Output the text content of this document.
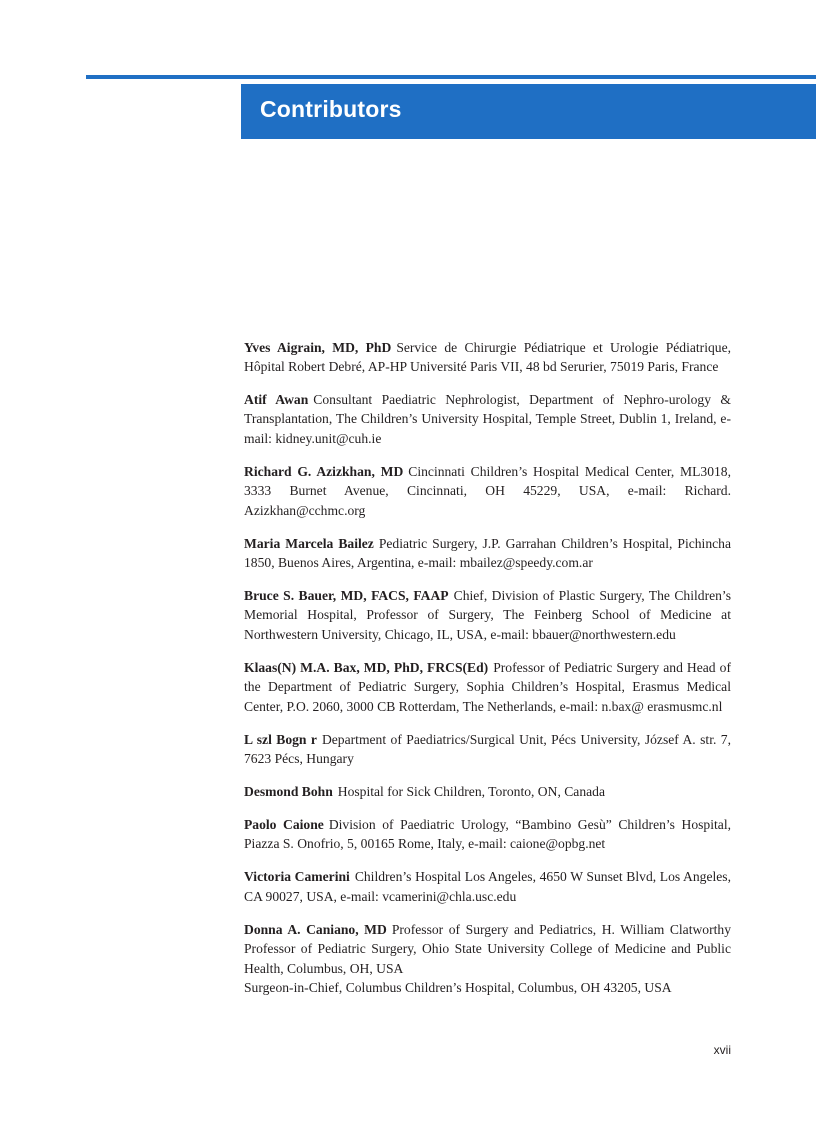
Contributors

Yves Aigrain, MD, PhD Service de Chirurgie Pédiatrique et Urologie Pédiatrique, Hôpital Robert Debré, AP-HP Université Paris VII, 48 bd Serurier, 75019 Paris, France

Atif Awan Consultant Paediatric Nephrologist, Department of Nephro-urology & Transplantation, The Children’s University Hospital, Temple Street, Dublin 1, Ireland, e-mail: kidney.unit@cuh.ie

Richard G. Azizkhan, MD Cincinnati Children’s Hospital Medical Center, ML3018, 3333 Burnet Avenue, Cincinnati, OH 45229, USA, e-mail: Richard. Azizkhan@cchmc.org

Maria Marcela Bailez Pediatric Surgery, J.P. Garrahan Children’s Hospital, Pichincha 1850, Buenos Aires, Argentina, e-mail: mbailez@speedy.com.ar

Bruce S. Bauer, MD, FACS, FAAP Chief, Division of Plastic Surgery, The Children’s Memorial Hospital, Professor of Surgery, The Feinberg School of Medicine at Northwestern University, Chicago, IL, USA, e-mail: bbauer@northwestern.edu

Klaas(N) M.A. Bax, MD, PhD, FRCS(Ed) Professor of Pediatric Surgery and Head of the Department of Pediatric Surgery, Sophia Children’s Hospital, Erasmus Medical Center, P.O. 2060, 3000 CB Rotterdam, The Netherlands, e-mail: n.bax@ erasmusmc.nl

L szl Bogn r Department of Paediatrics/Surgical Unit, Pécs University, József A. str. 7, 7623 Pécs, Hungary

Desmond Bohn Hospital for Sick Children, Toronto, ON, Canada

Paolo Caione Division of Paediatric Urology, “Bambino Gesù” Children’s Hospital, Piazza S. Onofrio, 5, 00165 Rome, Italy, e-mail: caione@opbg.net

Victoria Camerini Children’s Hospital Los Angeles, 4650 W Sunset Blvd, Los Angeles, CA 90027, USA, e-mail: vcamerini@chla.usc.edu

Donna A. Caniano, MD Professor of Surgery and Pediatrics, H. William Clatworthy Professor of Pediatric Surgery, Ohio State University College of Medicine and Public Health, Columbus, OH, USA
Surgeon-in-Chief, Columbus Children’s Hospital, Columbus, OH 43205, USA

xvii
